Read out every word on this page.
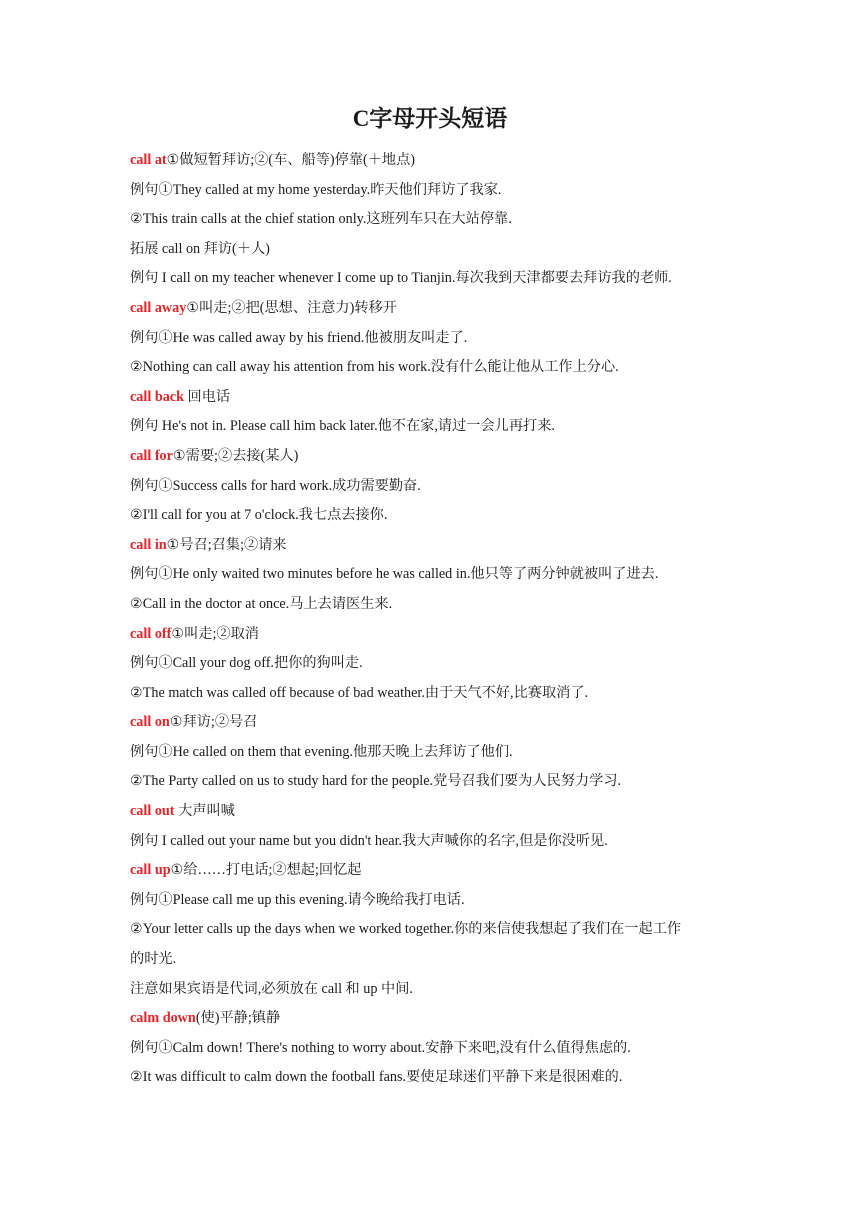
C字母开头短语
call at①做短暂拜访;②(车、船等)停靠(＋地点)
例句①They called at my home yesterday.昨天他们拜访了我家.
②This train calls at the chief station only.这班列车只在大站停靠.
拓展 call on 拜访(＋人)
例句 I call on my teacher whenever I come up to Tianjin.每次我到天津都要去拜访我的老师.
call away①叫走;②把(思想、注意力)转移开
例句①He was called away by his friend.他被朋友叫走了.
②Nothing can call away his attention from his work.没有什么能让他从工作上分心.
call back 回电话
例句 He's not in. Please call him back later.他不在家,请过一会儿再打来.
call for①需要;②去接(某人)
例句①Success calls for hard work.成功需要勤奋.
②I'll call for you at 7 o'clock.我七点去接你.
call in①号召;召集;②请来
例句①He only waited two minutes before he was called in.他只等了两分钟就被叫了进去.
②Call in the doctor at once.马上去请医生来.
call off①叫走;②取消
例句①Call your dog off.把你的狗叫走.
②The match was called off because of bad weather.由于天气不好,比赛取消了.
call on①拜访;②号召
例句①He called on them that evening.他那天晚上去拜访了他们.
②The Party called on us to study hard for the people.党号召我们要为人民努力学习.
call out 大声叫喊
例句 I called out your name but you didn't hear.我大声喊你的名字,但是你没听见.
call up①给……打电话;②想起;回忆起
例句①Please call me up this evening.请今晚给我打电话.
②Your letter calls up the days when we worked together.你的来信使我想起了我们在一起工作
的时光.
注意如果宾语是代词,必须放在 call 和 up 中间.
calm down(使)平静;镇静
例句①Calm down! There's nothing to worry about.安静下来吧,没有什么值得焦虑的.
②It was difficult to calm down the football fans.要使足球迷们平静下来是很困难的.
